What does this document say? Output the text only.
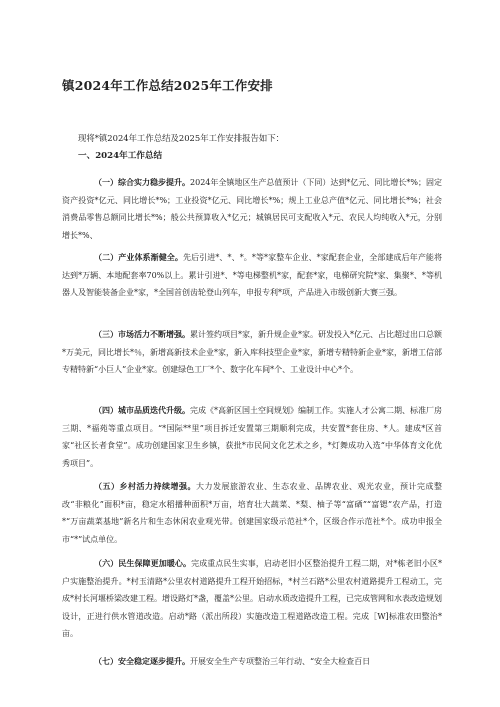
镇2024年工作总结2025年工作安排
现将*镇2024年工作总结及2025年工作安排报告如下：
一、2024年工作总结
（一）综合实力稳步提升。2024年全镇地区生产总值预计（下同）达到*亿元、同比增长*%；固定资产投资*亿元、同比增长*%；工业投资*亿元、同比增长*%；规上工业总产值*亿元、同比增长*%；社会消费品零售总额同比增长*%；般公共预算收入*亿元；城镇居民可支配收入*元、农民人均纯收入*元，分别增长*%、
（二）产业体系渐健全。先后引进*、*、*。*等*家整车企业、*家配套企业，全部建成后年产能将达到*万辆、本地配套率70%以上。累计引进*、*等电梯整机*家，配套*家，电梯研究院*家、集聚*、*等机器人及智能装备企业*家，*全国首创齿轮登山列车，申报专利*项，产品进入市级创新大赛三强。
（三）市场活力不断增强。累计签约项目*家，新升规企业*家。研发投入*亿元、占比超过出口总额*万美元，同比增长*％，新增高新技术企业*家，新入库科技型企业*家，新增专精特新企业*家，新增工信部专精特新“小巨人”企业*家。创建绿色工厂*个、数字化车间*个、工业设计中心*个。
（四）城市品质迭代升级。完成《*高新区国土空间规划》编制工作。实施人才公寓二期、标准厂房三期、*福苑等重点项目。“*国际**里”项目拆迁安置第三期顺利完成，共安置*套住房、*人。建成*区首家“社区长者食堂”。成功创建国家卫生乡镇，获批*市民间文化艺术之乡，*灯舞成功入选“中华体育文化优秀项目”。
（五）乡村活力持续增强。大力发展旅游农业、生态农业、品牌农业、观光农业，预计完成整改“非粮化”面积*亩，稳定水稻播种面积*万亩，培育壮大蔬菜、*梨、柚子等“富硒”“富锶”农产品，打造*“万亩蔬菜基地”新名片和生态休闲农业观光带。创建国家级示范社*个，区级合作示范社*个。成功申报全市“*”试点单位。
（六）民生保障更加暖心。完成重点民生实事，启动老旧小区整治提升工程二期，对*栋老旧小区*户实施整治提升。*村玉清路*公里农村道路提升工程开始招标，*村兰石路*公里农村道路提升工程动工，完成*村长河堰桥梁改建工程。增设路灯*盏，覆盖*公里。启动水质改造提升工程，已完成管网和水表改造规划设计，正进行供水管道改造。启动*路（派出所段）实施改造工程道路改造工程。完成［W]标准农田整治*亩。
（七）安全稳定逐步提升。开展安全生产专项整治三年行动、“安全大检查百日
